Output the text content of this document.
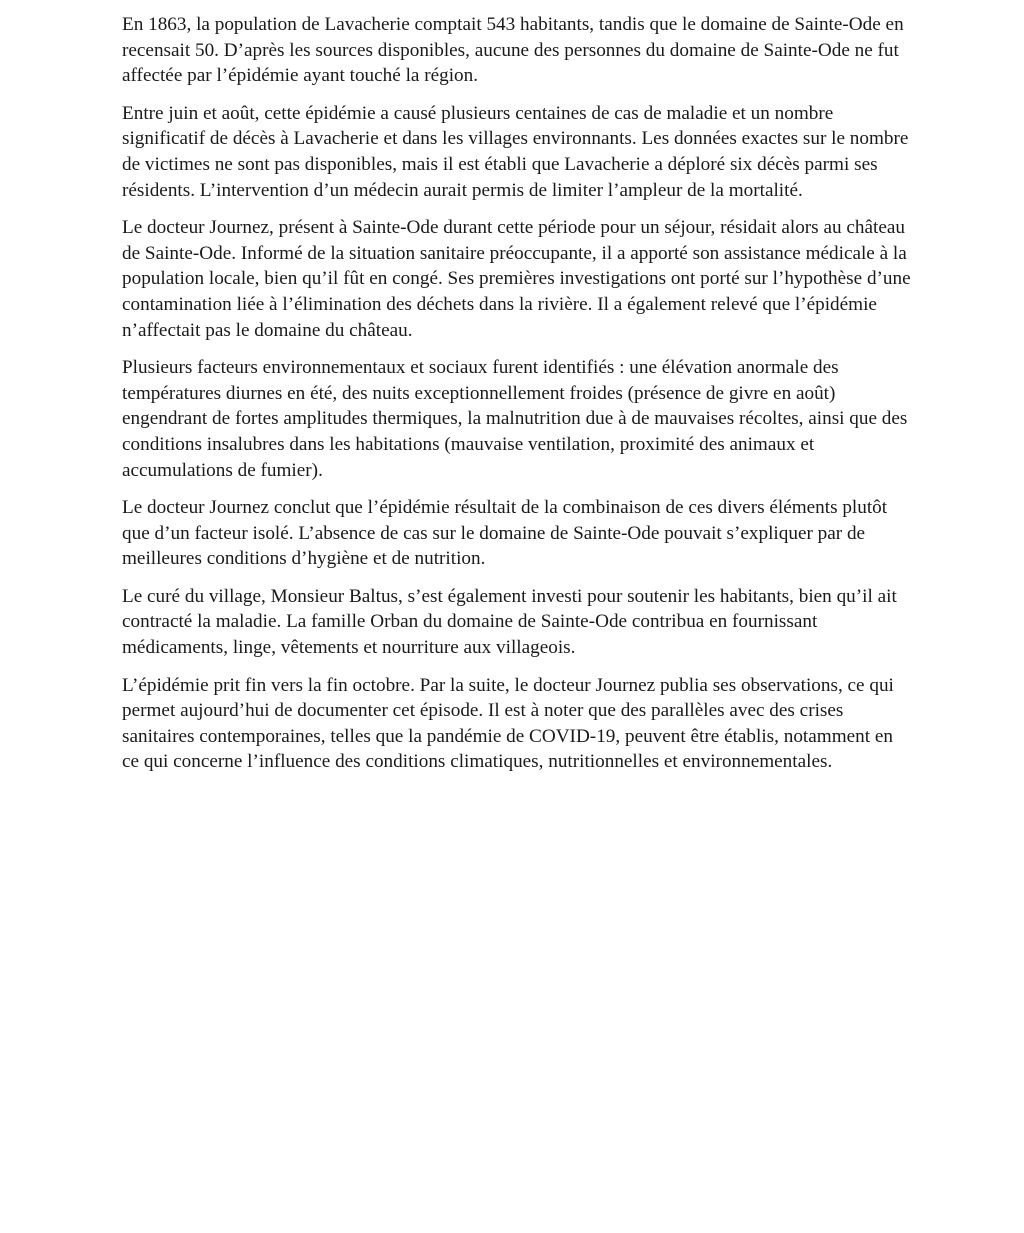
En 1863, la population de Lavacherie comptait 543 habitants, tandis que le domaine de Sainte-Ode en recensait 50. D’après les sources disponibles, aucune des personnes du domaine de Sainte-Ode ne fut affectée par l’épidémie ayant touché la région.

Entre juin et août, cette épidémie a causé plusieurs centaines de cas de maladie et un nombre significatif de décès à Lavacherie et dans les villages environnants. Les données exactes sur le nombre de victimes ne sont pas disponibles, mais il est établi que Lavacherie a déploré six décès parmi ses résidents. L’intervention d’un médecin aurait permis de limiter l’ampleur de la mortalité.

Le docteur Journez, présent à Sainte-Ode durant cette période pour un séjour, résidait alors au château de Sainte-Ode. Informé de la situation sanitaire préoccupante, il a apporté son assistance médicale à la population locale, bien qu’il fût en congé. Ses premières investigations ont porté sur l’hypothèse d’une contamination liée à l’élimination des déchets dans la rivière. Il a également relevé que l’épidémie n’affectait pas le domaine du château.

Plusieurs facteurs environnementaux et sociaux furent identifiés : une élévation anormale des températures diurnes en été, des nuits exceptionnellement froides (présence de givre en août) engendrant de fortes amplitudes thermiques, la malnutrition due à de mauvaises récoltes, ainsi que des conditions insalubres dans les habitations (mauvaise ventilation, proximité des animaux et accumulations de fumier).

Le docteur Journez conclut que l’épidémie résultait de la combinaison de ces divers éléments plutôt que d’un facteur isolé. L’absence de cas sur le domaine de Sainte-Ode pouvait s’expliquer par de meilleures conditions d’hygiène et de nutrition.

Le curé du village, Monsieur Baltus, s’est également investi pour soutenir les habitants, bien qu’il ait contracté la maladie. La famille Orban du domaine de Sainte-Ode contribua en fournissant médicaments, linge, vêtements et nourriture aux villageois.

L’épidémie prit fin vers la fin octobre. Par la suite, le docteur Journez publia ses observations, ce qui permet aujourd’hui de documenter cet épisode. Il est à noter que des parallèles avec des crises sanitaires contemporaines, telles que la pandémie de COVID-19, peuvent être établis, notamment en ce qui concerne l’influence des conditions climatiques, nutritionnelles et environnementales.
